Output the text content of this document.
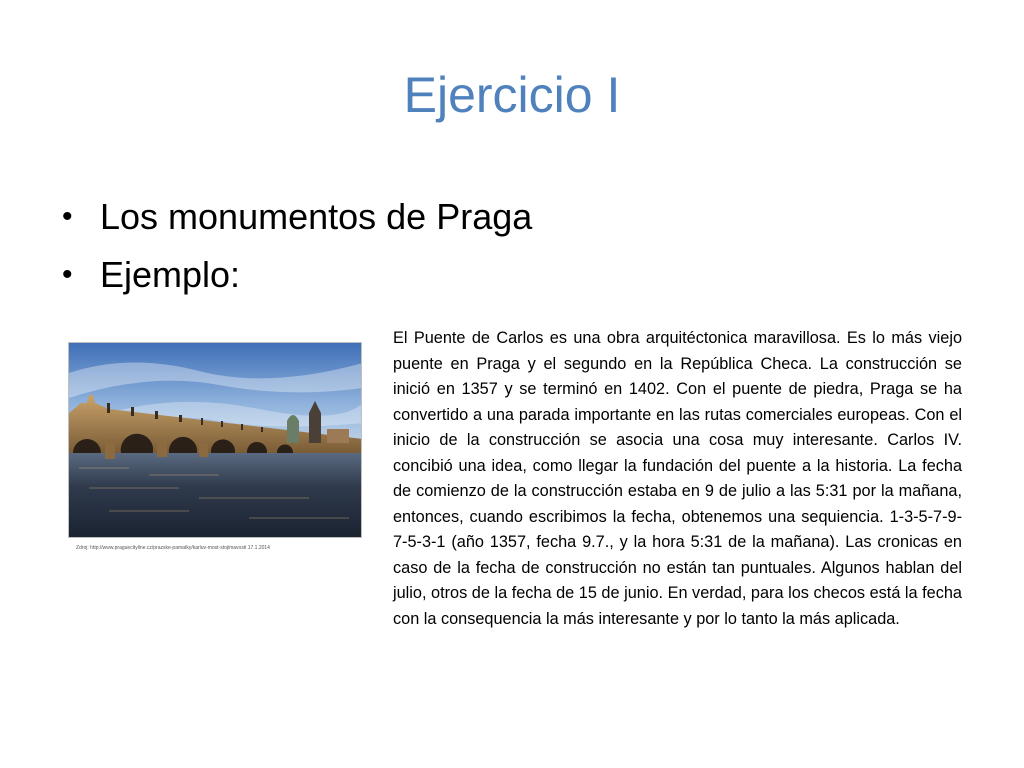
Ejercicio I
• Los monumentos de Praga
• Ejemplo:
Zdroj: http://www.praguecityline.cz/prazske-pamatky/karluv-most-stojimavosti 17.1.2014

El Puente de Carlos es una obra arquitéctonica maravillosa. Es lo más viejo puente en Praga y el segundo en la República Checa. La construcción se inició en 1357 y se terminó en 1402. Con el puente de piedra, Praga se ha convertido a una parada importante en las rutas comerciales europeas. Con el inicio de la construcción se asocia una cosa muy interesante. Carlos IV. concibió una idea, como llegar la fundación del puente a la historia. La fecha de comienzo de la construcción estaba en 9 de julio a las 5:31 por la mañana, entonces, cuando escribimos la fecha, obtenemos una sequiencia. 1-3-5-7-9-7-5-3-1 (año 1357, fecha 9.7., y la hora 5:31 de la mañana). Las cronicas en caso de la fecha de construcción no están tan puntuales. Algunos hablan del julio, otros de la fecha de 15 de junio. En verdad, para los checos está la fecha con la consequencia la más interesante y por lo tanto la más aplicada.
